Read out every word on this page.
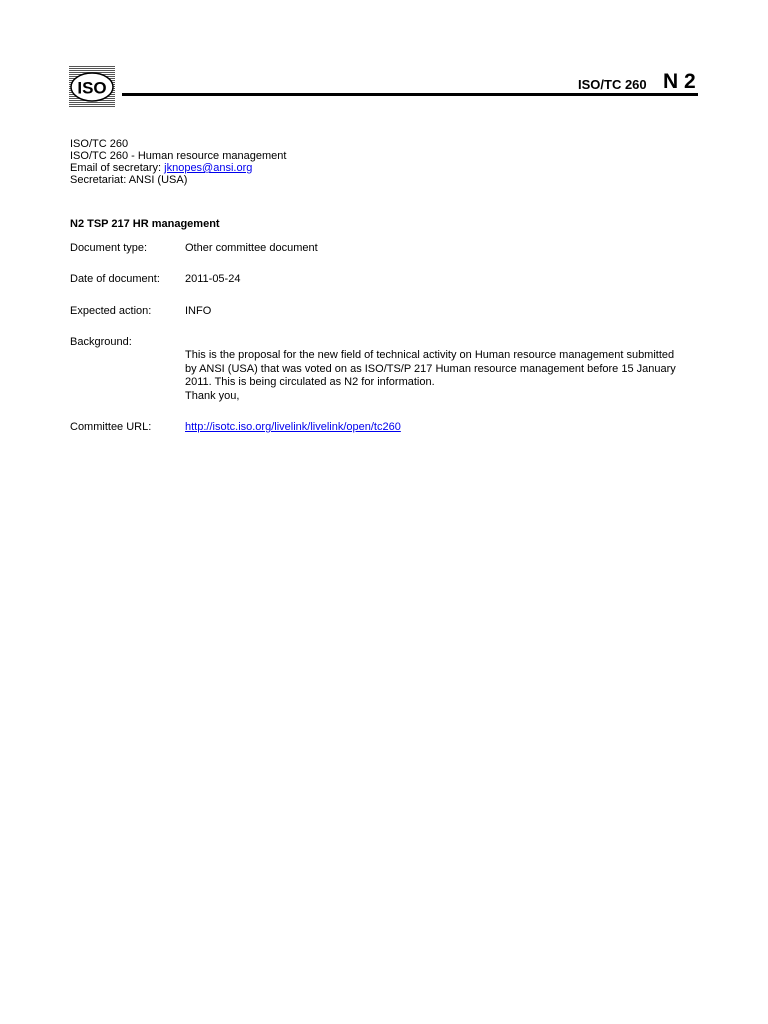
ISO	ISO/TC 260 N 2
ISO/TC 260
ISO/TC 260 - Human resource management
Email of secretary: jknopes@ansi.org
Secretariat: ANSI (USA)
N2 TSP 217 HR management
Document type:	Other committee document
Date of document: 2011-05-24
Expected action:	INFO
Background:
This is the proposal for the new field of technical activity on Human resource management submitted
by ANSI (USA) that was voted on as ISO/TS/P 217 Human resource management before 15 January
2011. This is being circulated as N2 for information.
Thank you,
Committee URL:	http://isotc.iso.org/livelink/livelink/open/tc260
